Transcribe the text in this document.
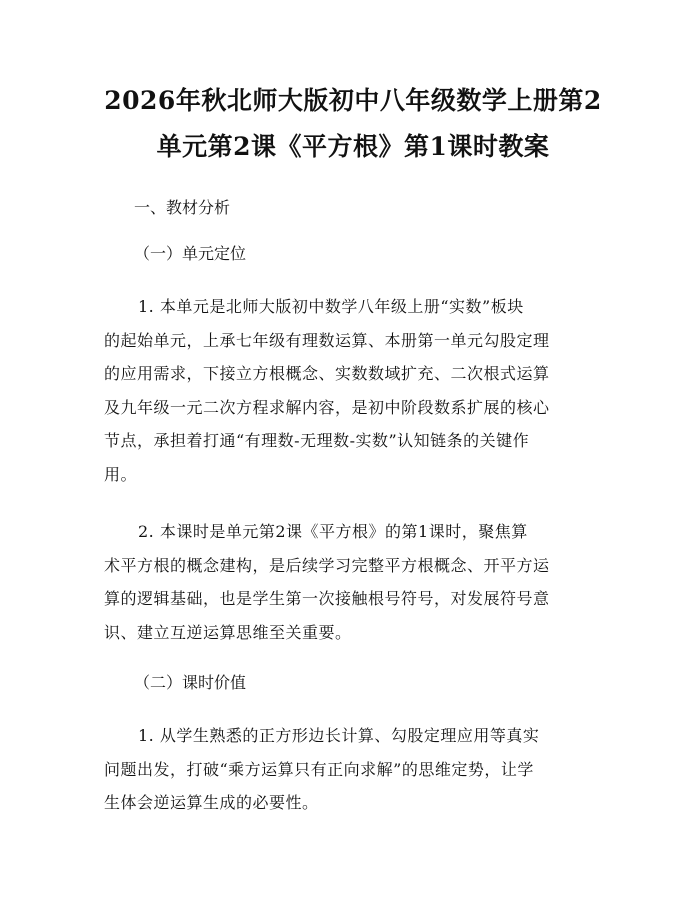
2026年秋北师大版初中八年级数学上册第2
单元第2课《平方根》第1课时教案

一、教材分析

（一）单元定位

1. 本单元是北师大版初中数学八年级上册“实数”板块
的起始单元，上承七年级有理数运算、本册第一单元勾股定理
的应用需求，下接立方根概念、实数数域扩充、二次根式运算
及九年级一元二次方程求解内容，是初中阶段数系扩展的核心
节点，承担着打通“有理数-无理数-实数”认知链条的关键作
用。

2. 本课时是单元第2课《平方根》的第1课时，聚焦算
术平方根的概念建构，是后续学习完整平方根概念、开平方运
算的逻辑基础，也是学生第一次接触根号符号，对发展符号意
识、建立互逆运算思维至关重要。

（二）课时价值

1. 从学生熟悉的正方形边长计算、勾股定理应用等真实
问题出发，打破“乘方运算只有正向求解”的思维定势，让学
生体会逆运算生成的必要性。
